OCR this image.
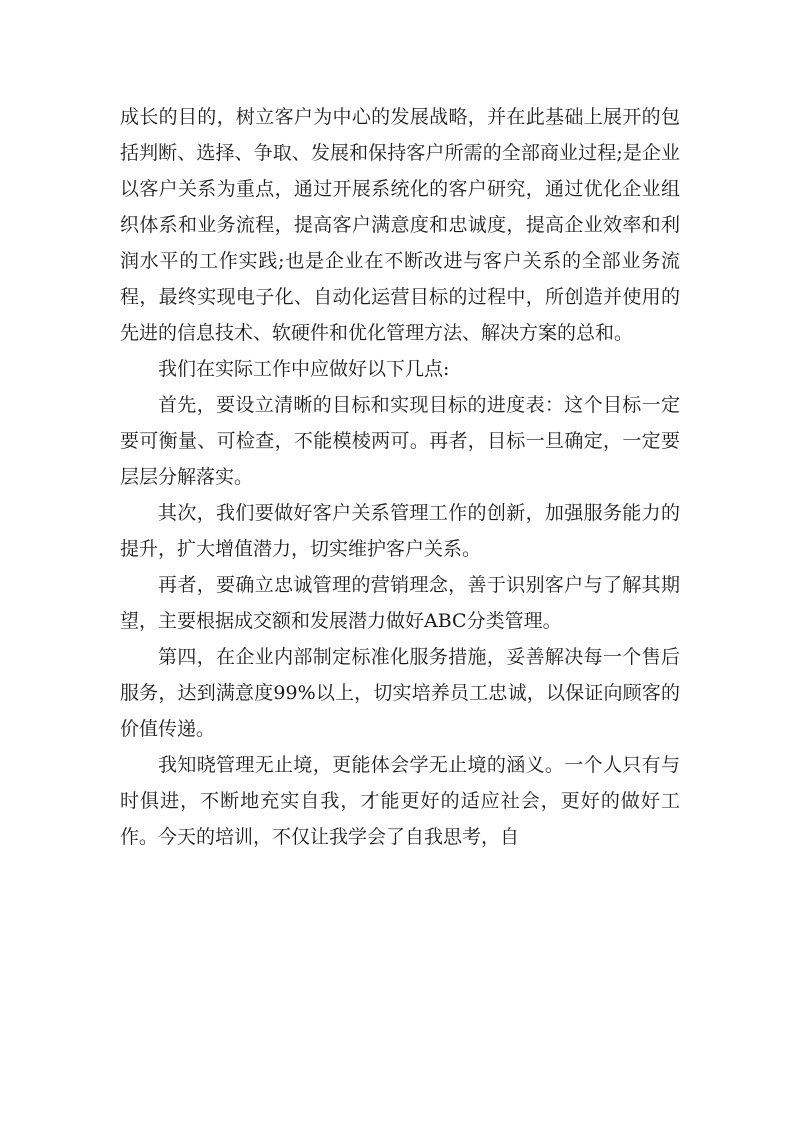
成长的目的，树立客户为中心的发展战略，并在此基础上展开的包括判断、选择、争取、发展和保持客户所需的全部商业过程;是企业以客户关系为重点，通过开展系统化的客户研究，通过优化企业组织体系和业务流程，提高客户满意度和忠诚度，提高企业效率和利润水平的工作实践;也是企业在不断改进与客户关系的全部业务流程，最终实现电子化、自动化运营目标的过程中，所创造并使用的先进的信息技术、软硬件和优化管理方法、解决方案的总和。

我们在实际工作中应做好以下几点:

首先，要设立清晰的目标和实现目标的进度表：这个目标一定要可衡量、可检查，不能模棱两可。再者，目标一旦确定，一定要层层分解落实。

其次，我们要做好客户关系管理工作的创新，加强服务能力的提升，扩大增值潜力，切实维护客户关系。

再者，要确立忠诚管理的营销理念，善于识别客户与了解其期望，主要根据成交额和发展潜力做好ABC分类管理。

第四，在企业内部制定标准化服务措施，妥善解决每一个售后服务，达到满意度99%以上，切实培养员工忠诚，以保证向顾客的价值传递。

我知晓管理无止境，更能体会学无止境的涵义。一个人只有与时俱进，不断地充实自我，才能更好的适应社会，更好的做好工作。今天的培训，不仅让我学会了自我思考，自
